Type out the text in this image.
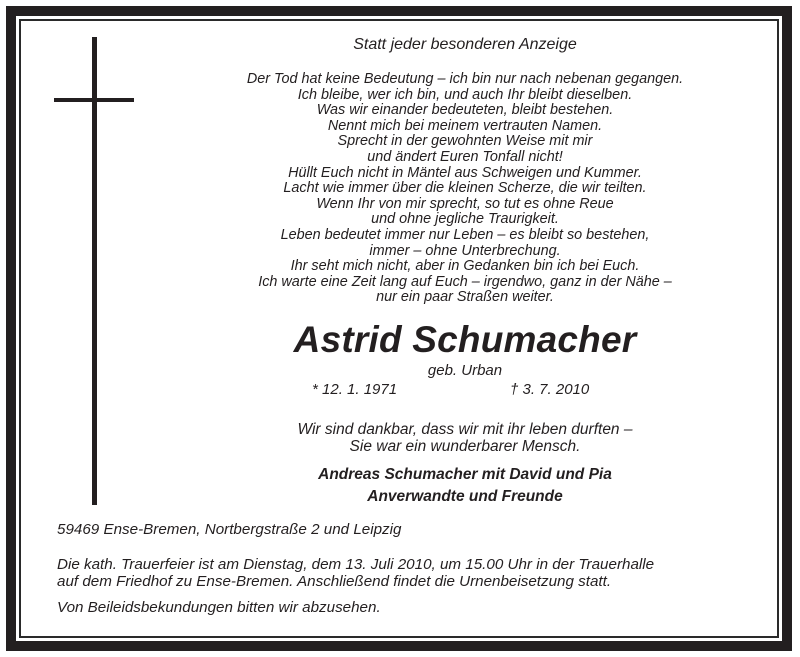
Statt jeder besonderen Anzeige
Der Tod hat keine Bedeutung – ich bin nur nach nebenan gegangen.
Ich bleibe, wer ich bin, und auch Ihr bleibt dieselben.
Was wir einander bedeuteten, bleibt bestehen.
Nennt mich bei meinem vertrauten Namen.
Sprecht in der gewohnten Weise mit mir
und ändert Euren Tonfall nicht!
Hüllt Euch nicht in Mäntel aus Schweigen und Kummer.
Lacht wie immer über die kleinen Scherze, die wir teilten.
Wenn Ihr von mir sprecht, so tut es ohne Reue
und ohne jegliche Traurigkeit.
Leben bedeutet immer nur Leben – es bleibt so bestehen,
immer – ohne Unterbrechung.
Ihr seht mich nicht, aber in Gedanken bin ich bei Euch.
Ich warte eine Zeit lang auf Euch – irgendwo, ganz in der Nähe –
nur ein paar Straßen weiter.
Astrid Schumacher
geb. Urban
* 12. 1. 1971	† 3. 7. 2010
Wir sind dankbar, dass wir mit ihr leben durften –
Sie war ein wunderbarer Mensch.
Andreas Schumacher mit David und Pia
Anverwandte und Freunde
59469 Ense-Bremen, Nortbergstraße 2 und Leipzig
Die kath. Trauerfeier ist am Dienstag, dem 13. Juli 2010, um 15.00 Uhr in der Trauerhalle
auf dem Friedhof zu Ense-Bremen. Anschließend findet die Urnenbeisetzung statt.
Von Beileidsbekundungen bitten wir abzusehen.
